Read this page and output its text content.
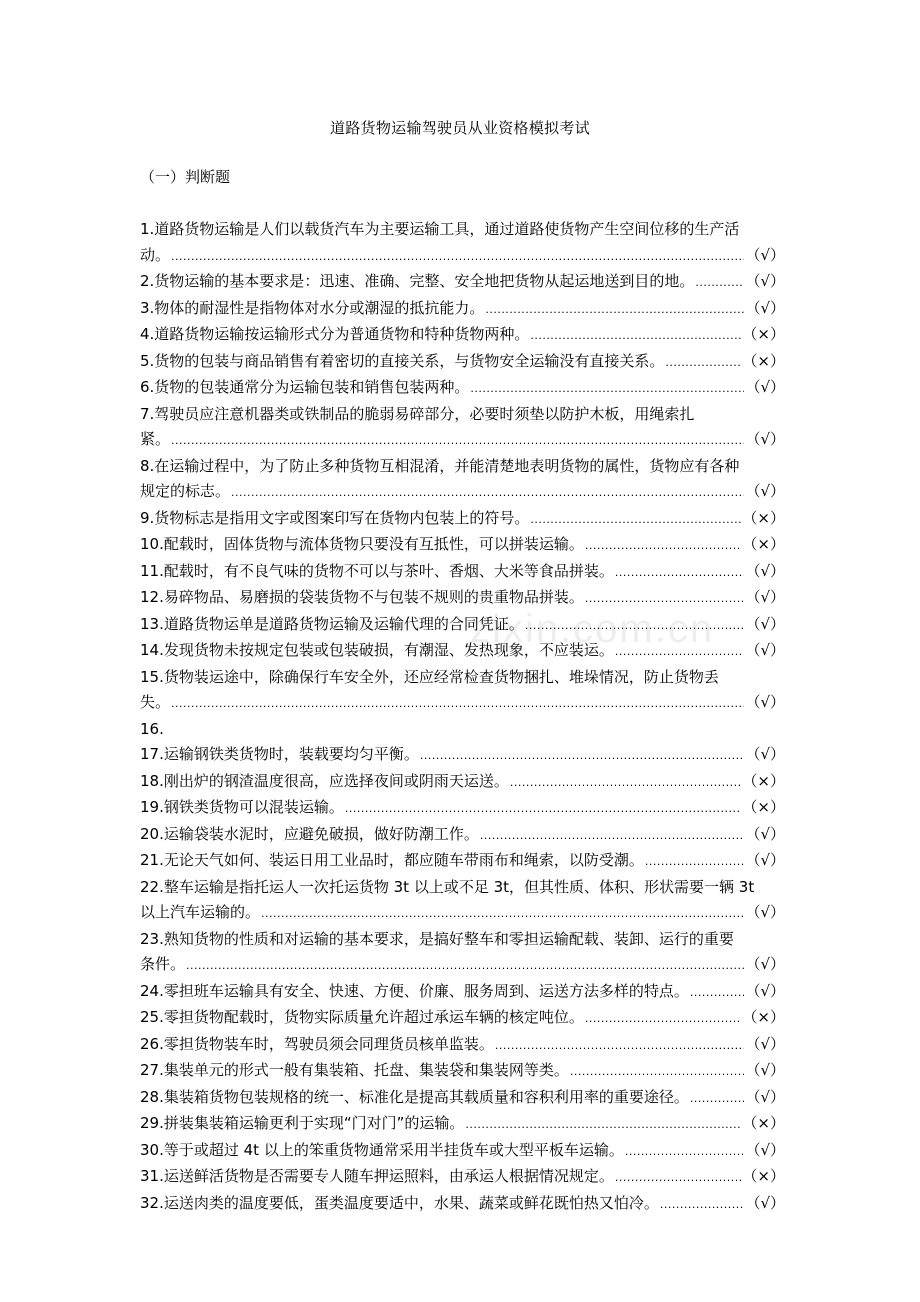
道路货物运输驾驶员从业资格模拟考试
（一）判断题
zixin.com.cn
1.道路货物运输是人们以载货汽车为主要运输工具，通过道路使货物产生空间位移的生产活
动。 .....	（√）
2.货物运输的基本要求是：迅速、准确、完整、安全地把货物从起运地送到目的地。 .....	（√）
3.物体的耐湿性是指物体对水分或潮湿的抵抗能力。 .....	（√）
4.道路货物运输按运输形式分为普通货物和特种货物两种。 .....	（×）
5.货物的包装与商品销售有着密切的直接关系，与货物安全运输没有直接关系。 .....	（×）
6.货物的包装通常分为运输包装和销售包装两种。 .....	（√）
7.驾驶员应注意机器类或铁制品的脆弱易碎部分，必要时须垫以防护木板，用绳索扎
紧。 .....	（√）
8.在运输过程中，为了防止多种货物互相混淆，并能清楚地表明货物的属性，货物应有各种
规定的标志。 .....	（√）
9.货物标志是指用文字或图案印写在货物内包装上的符号。 .....	（×）
10.配载时，固体货物与流体货物只要没有互抵性，可以拼装运输。 .....	（×）
11.配载时，有不良气味的货物不可以与茶叶、香烟、大米等食品拼装。 .....	（√）
12.易碎物品、易磨损的袋装货物不与包装不规则的贵重物品拼装。 .....	（√）
13.道路货物运单是道路货物运输及运输代理的合同凭证。 .....	（√）
14.发现货物未按规定包装或包装破损，有潮湿、发热现象，不应装运。 .....	（√）
15.货物装运途中，除确保行车安全外，还应经常检查货物捆扎、堆垛情况，防止货物丢
失。 .....	（√）
16.
17.运输钢铁类货物时，装载要均匀平衡。 .....	（√）
18.刚出炉的钢渣温度很高，应选择夜间或阴雨天运送。 .....	（×）
19.钢铁类货物可以混装运输。 .....	（×）
20.运输袋装水泥时，应避免破损，做好防潮工作。 .....	（√）
21.无论天气如何、装运日用工业品时，都应随车带雨布和绳索，以防受潮。 .....	（√）
22.整车运输是指托运人一次托运货物 3t 以上或不足 3t，但其性质、体积、形状需要一辆 3t
以上汽车运输的。 .....	（√）
23.熟知货物的性质和对运输的基本要求，是搞好整车和零担运输配载、装卸、运行的重要
条件。 .....	（√）
24.零担班车运输具有安全、快速、方便、价廉、服务周到、运送方法多样的特点。 .....	（√）
25.零担货物配载时，货物实际质量允许超过承运车辆的核定吨位。 .....	（×）
26.零担货物装车时，驾驶员须会同理货员核单监装。 .....	（√）
27.集装单元的形式一般有集装箱、托盘、集装袋和集装网等类。 .....	（√）
28.集装箱货物包装规格的统一、标准化是提高其载质量和容积利用率的重要途径。 .....	（√）
29.拼装集装箱运输更利于实现“门对门”的运输。 .....	（×）
30.等于或超过 4t 以上的笨重货物通常采用半挂货车或大型平板车运输。 .....	（√）
31.运送鲜活货物是否需要专人随车押运照料，由承运人根据情况规定。 .....	（×）
32.运送肉类的温度要低，蛋类温度要适中，水果、蔬菜或鲜花既怕热又怕冷。 .....	（√）
